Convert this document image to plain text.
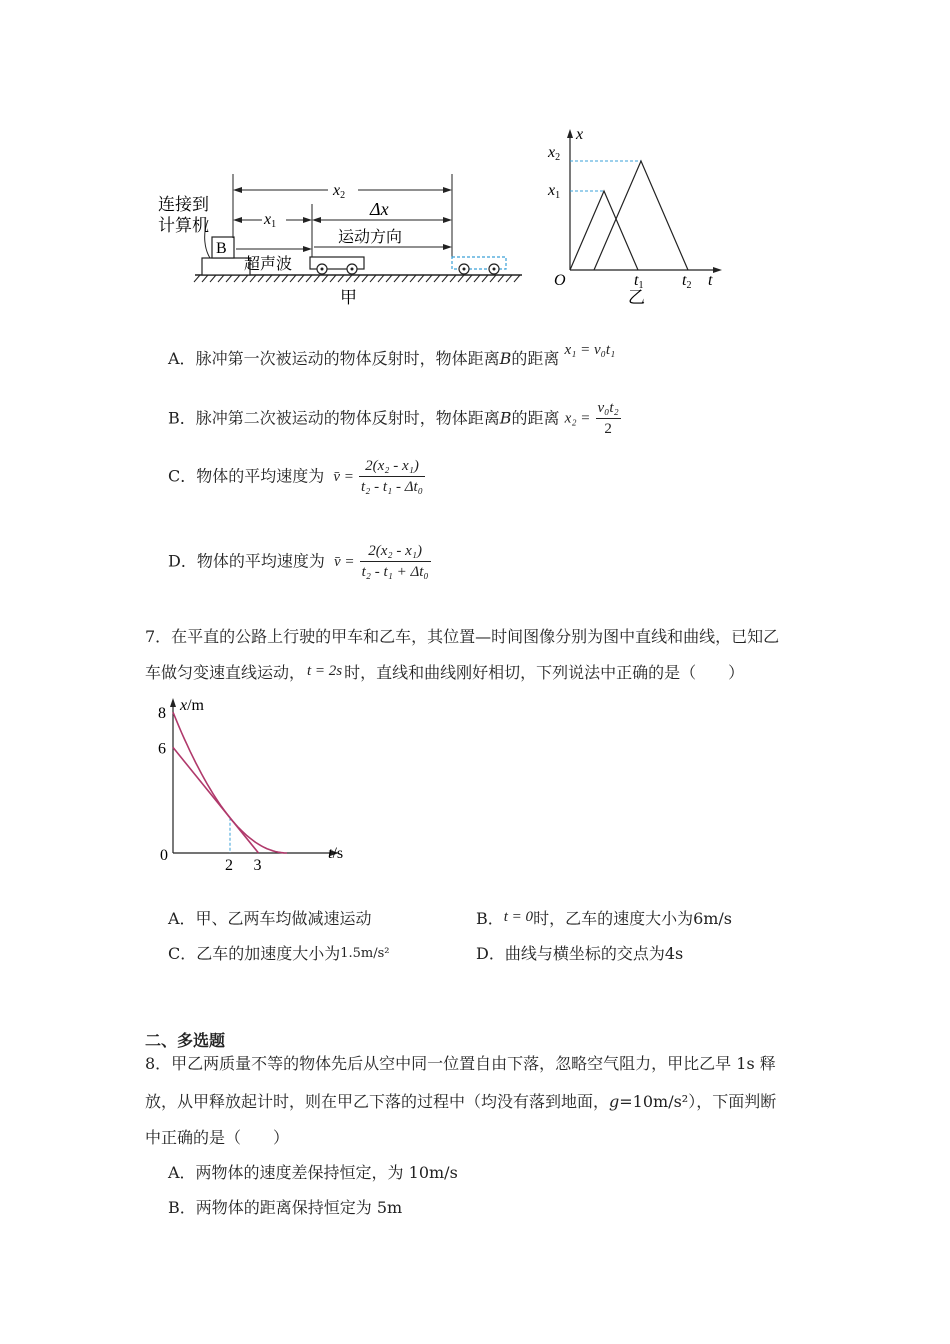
B
连接到
计算机
x2
x1
Δx
运动方向
超声波
甲
x
t
O
x2
x1
t1 t2
乙
A．脉冲第一次被运动的物体反射时，物体距离B的距离 x₁ = v₀t₁
B．脉冲第二次被运动的物体反射时，物体距离B的距离 $x_2 = \frac{\text{v₀t₂}}{2}$
C．物体的平均速度为 v̄ = $\frac{\text{2(x₂ - x₁)}}{\text{t₂ - t₁ - Δt₀}}$
D．物体的平均速度为 v̄ = $\frac{\text{2(x₂ - x₁)}}{\text{t₂ - t₁ + Δt₀}}$
7．在平直的公路上行驶的甲车和乙车，其位置—时间图像分别为图中直线和曲线，已知乙
车做匀变速直线运动， t = 2s 时，直线和曲线刚好相切，下列说法中正确的是（　　）
x/m
t/s
0
8
6
2 3
A．甲、乙两车均做减速运动	B．t = 0时，乙车的速度大小为6m/s
C．乙车的加速度大小为1.5m/s²	D．曲线与横坐标的交点为4s
二、多选题
8．甲乙两质量不等的物体先后从空中同一位置自由下落，忽略空气阻力，甲比乙早 1s 释
放，从甲释放起计时，则在甲乙下落的过程中（均没有落到地面，g=10m/s²），下面判断
中正确的是（　　）
A．两物体的速度差保持恒定，为 10m/s
B．两物体的距离保持恒定为 5m
